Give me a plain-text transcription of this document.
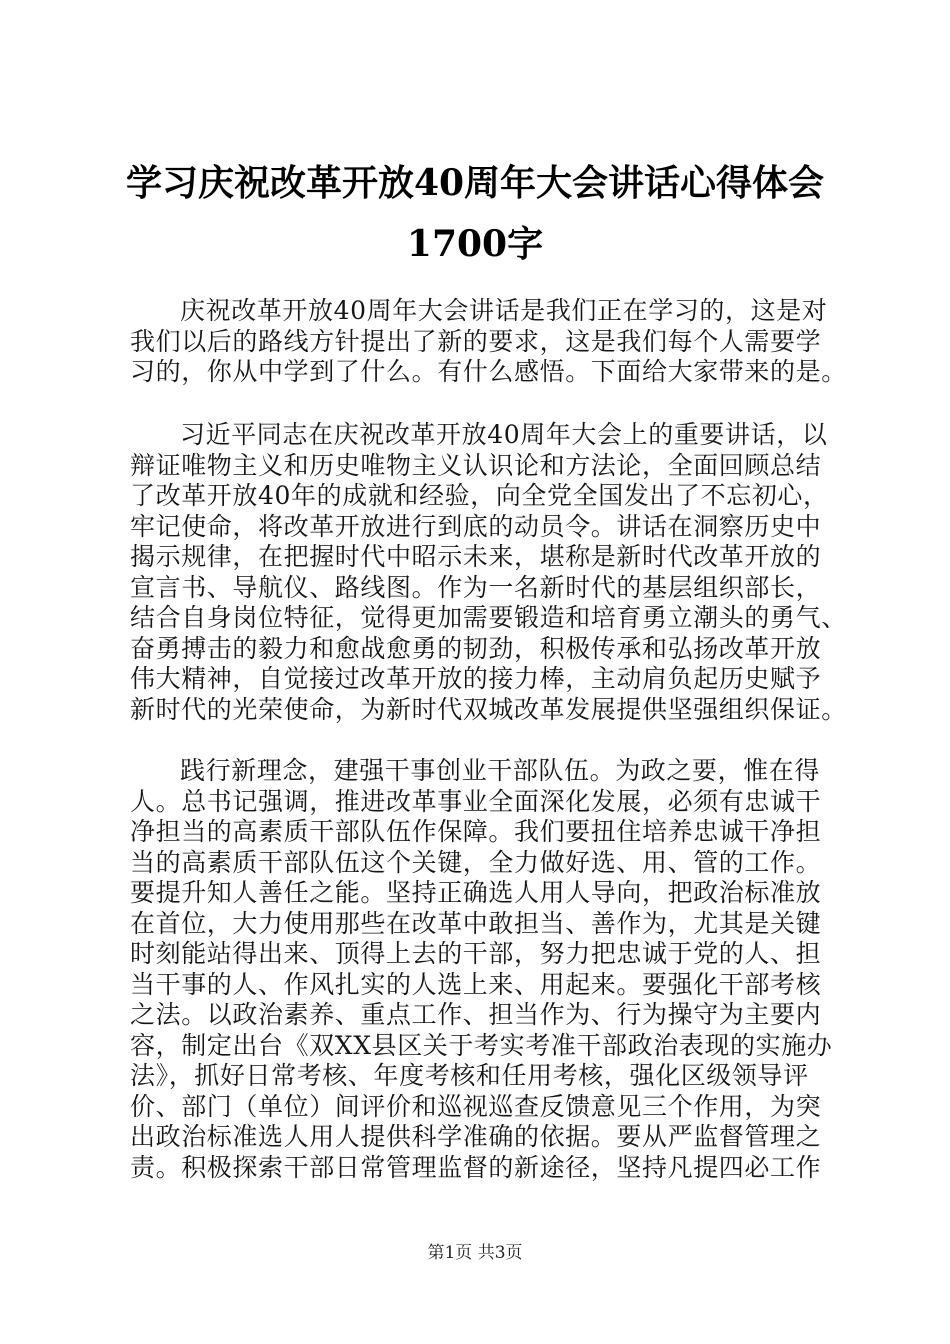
学习庆祝改革开放40周年大会讲话心得体会
1700字
庆祝改革开放40周年大会讲话是我们正在学习的，这是对
我们以后的路线方针提出了新的要求，这是我们每个人需要学
习的，你从中学到了什么。有什么感悟。下面给大家带来的是。
习近平同志在庆祝改革开放40周年大会上的重要讲话，以
辩证唯物主义和历史唯物主义认识论和方法论，全面回顾总结
了改革开放40年的成就和经验，向全党全国发出了不忘初心，
牢记使命，将改革开放进行到底的动员令。讲话在洞察历史中
揭示规律，在把握时代中昭示未来，堪称是新时代改革开放的
宣言书、导航仪、路线图。作为一名新时代的基层组织部长，
结合自身岗位特征，觉得更加需要锻造和培育勇立潮头的勇气、
奋勇搏击的毅力和愈战愈勇的韧劲，积极传承和弘扬改革开放
伟大精神，自觉接过改革开放的接力棒，主动肩负起历史赋予
新时代的光荣使命，为新时代双城改革发展提供坚强组织保证。
践行新理念，建强干事创业干部队伍。为政之要，惟在得
人。总书记强调，推进改革事业全面深化发展，必须有忠诚干
净担当的高素质干部队伍作保障。我们要扭住培养忠诚干净担
当的高素质干部队伍这个关键，全力做好选、用、管的工作。
要提升知人善任之能。坚持正确选人用人导向，把政治标准放
在首位，大力使用那些在改革中敢担当、善作为，尤其是关键
时刻能站得出来、顶得上去的干部，努力把忠诚于党的人、担
当干事的人、作风扎实的人选上来、用起来。要强化干部考核
之法。以政治素养、重点工作、担当作为、行为操守为主要内
容，制定出台《双XX县区关于考实考准干部政治表现的实施办
法》，抓好日常考核、年度考核和任用考核，强化区级领导评
价、部门（单位）间评价和巡视巡查反馈意见三个作用，为突
出政治标准选人用人提供科学准确的依据。要从严监督管理之
责。积极探索干部日常管理监督的新途径，坚持凡提四必工作
第1页 共3页
